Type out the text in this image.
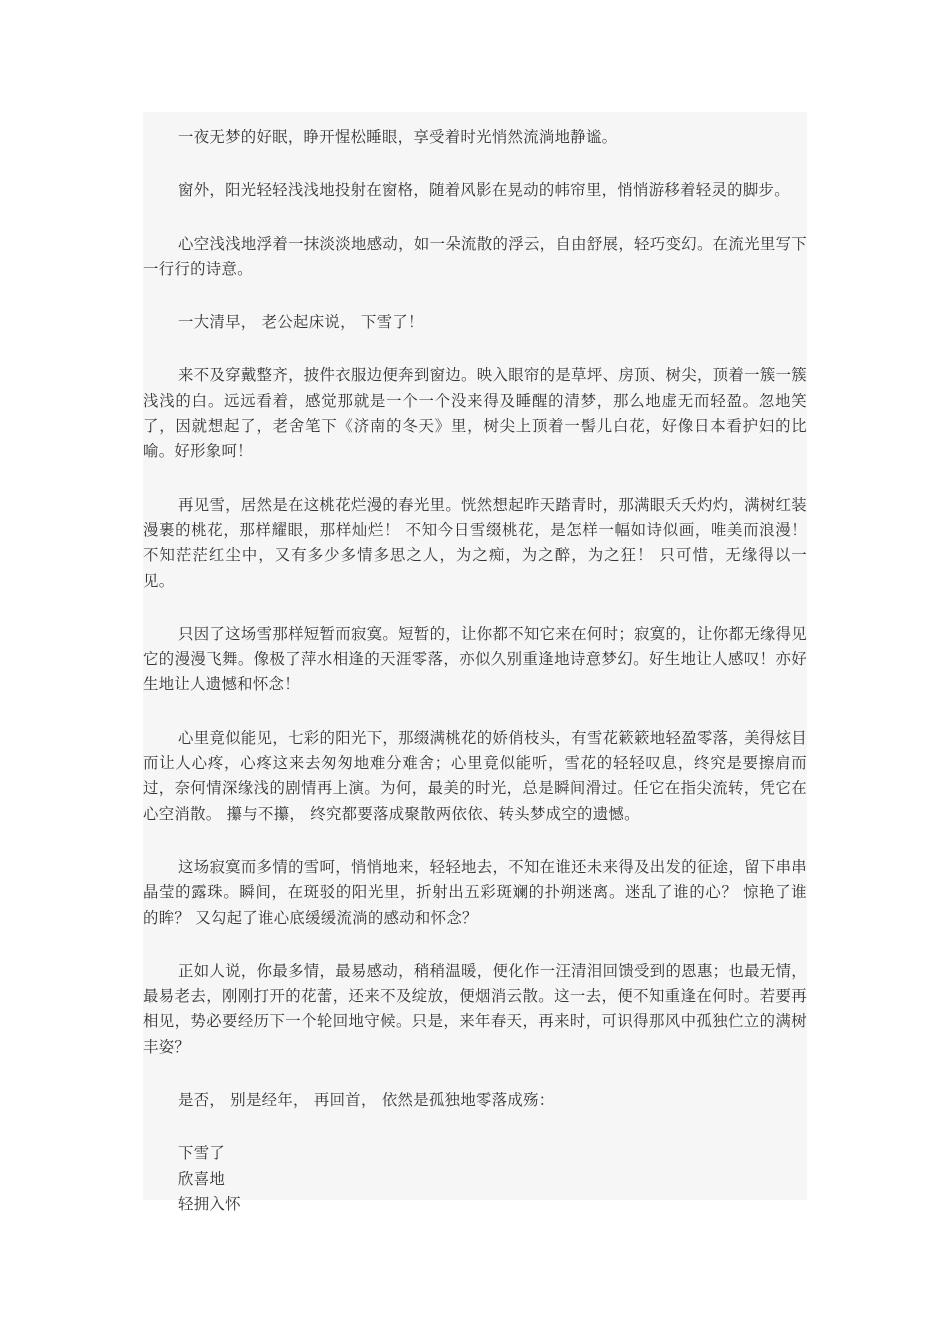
一夜无梦的好眠，睁开惺松睡眼，享受着时光悄然流淌地静谧。

窗外，阳光轻轻浅浅地投射在窗格，随着风影在晃动的帏帘里，悄悄游移着轻灵的脚步。

心空浅浅地浮着一抹淡淡地感动，如一朵流散的浮云，自由舒展，轻巧变幻。在流光里写下一行行的诗意。

一大清早， 老公起床说， 下雪了！

来不及穿戴整齐，披件衣服边便奔到窗边。映入眼帘的是草坪、房顶、树尖，顶着一簇一簇浅浅的白。远远看着，感觉那就是一个一个没来得及睡醒的清梦，那么地虚无而轻盈。忽地笑了，因就想起了，老舍笔下《济南的冬天》里，树尖上顶着一髻儿白花，好像日本看护妇的比喻。好形象呵！

再见雪，居然是在这桃花烂漫的春光里。恍然想起昨天踏青时，那满眼夭夭灼灼，满树红装漫裹的桃花，那样耀眼，那样灿烂！ 不知今日雪缀桃花，是怎样一幅如诗似画，唯美而浪漫！不知茫茫红尘中，又有多少多情多思之人，为之痴，为之醉，为之狂！ 只可惜，无缘得以一见。

只因了这场雪那样短暂而寂寞。短暂的，让你都不知它来在何时；寂寞的，让你都无缘得见它的漫漫飞舞。像极了萍水相逢的天涯零落，亦似久别重逢地诗意梦幻。好生地让人感叹！亦好生地让人遗憾和怀念！

心里竟似能见，七彩的阳光下，那缀满桃花的娇俏枝头，有雪花簌簌地轻盈零落，美得炫目而让人心疼，心疼这来去匆匆地难分难舍；心里竟似能听，雪花的轻轻叹息，终究是要擦肩而过，奈何情深缘浅的剧情再上演。为何，最美的时光，总是瞬间滑过。任它在指尖流转，凭它在心空消散。 攥与不攥， 终究都要落成聚散两依依、转头梦成空的遗憾。

这场寂寞而多情的雪呵，悄悄地来，轻轻地去，不知在谁还未来得及出发的征途，留下串串晶莹的露珠。瞬间，在斑驳的阳光里，折射出五彩斑斓的扑朔迷离。迷乱了谁的心？ 惊艳了谁的眸？ 又勾起了谁心底缓缓流淌的感动和怀念？

正如人说，你最多情，最易感动，稍稍温暖，便化作一汪清泪回馈受到的恩惠；也最无情，最易老去，刚刚打开的花蕾，还来不及绽放，便烟消云散。这一去，便不知重逢在何时。若要再相见，势必要经历下一个轮回地守候。只是，来年春天，再来时，可识得那风中孤独伫立的满树丰姿？

是否， 别是经年， 再回首， 依然是孤独地零落成殇：

下雪了
欣喜地
轻拥入怀
